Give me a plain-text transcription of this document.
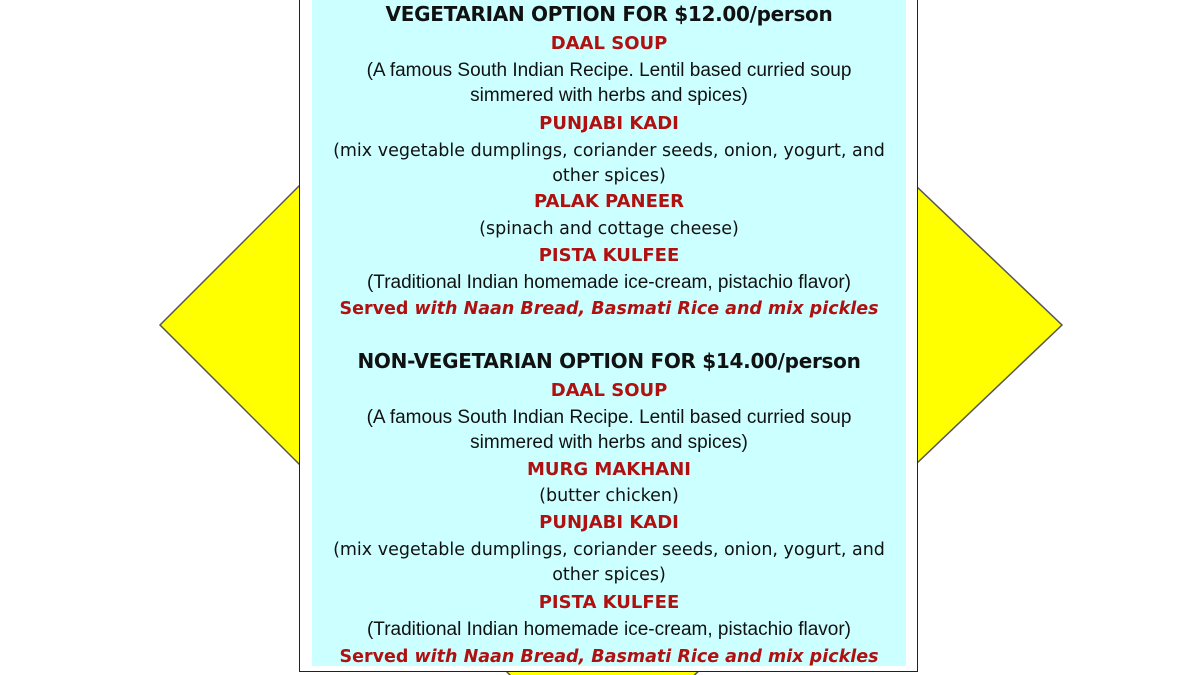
VEGETARIAN OPTION FOR $12.00/person
DAAL SOUP
(A famous South Indian Recipe. Lentil based curried soup
simmered with herbs and spices)
PUNJABI KADI
(mix vegetable dumplings, coriander seeds, onion, yogurt, and
other spices)
PALAK PANEER
(spinach and cottage cheese)
PISTA KULFEE
(Traditional Indian homemade ice-cream, pistachio flavor)
Served with Naan Bread, Basmati Rice and mix pickles
NON-VEGETARIAN OPTION FOR $14.00/person
DAAL SOUP
(A famous South Indian Recipe. Lentil based curried soup
simmered with herbs and spices)
MURG MAKHANI
(butter chicken)
PUNJABI KADI
(mix vegetable dumplings, coriander seeds, onion, yogurt, and
other spices)
PISTA KULFEE
(Traditional Indian homemade ice-cream, pistachio flavor)
Served with Naan Bread, Basmati Rice and mix pickles
